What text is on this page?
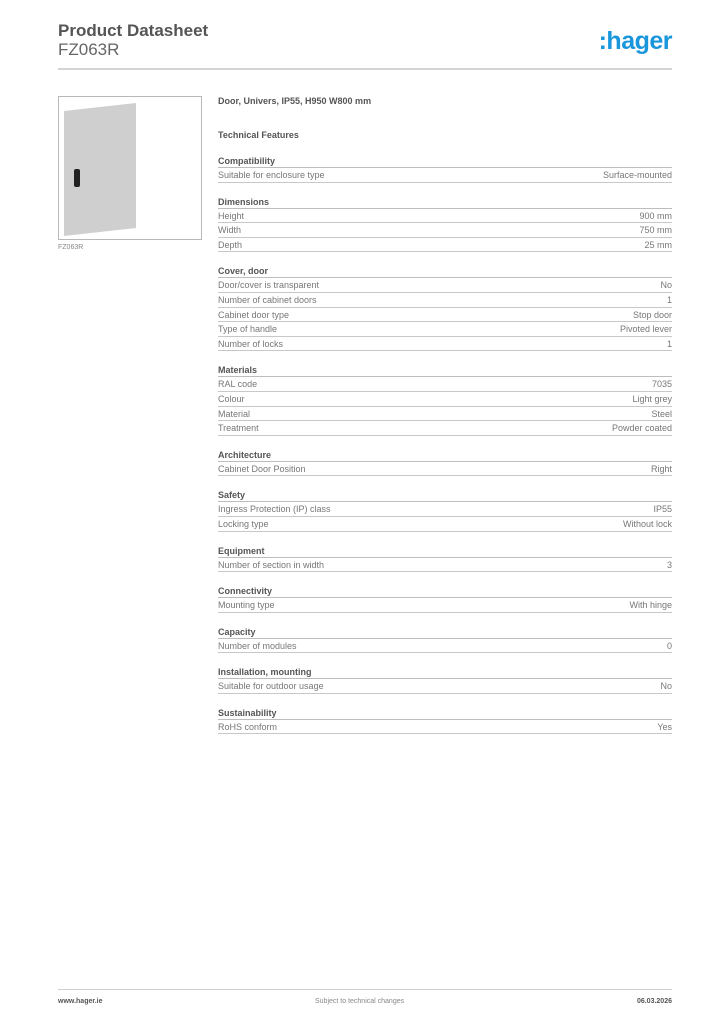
Product Datasheet
FZ063R	:hager
FZ063R
Door, Univers, IP55, H950 W800 mm
Technical Features
Compatibility
Suitable for enclosure type	Surface-mounted
Dimensions
Height	900 mm
Width	750 mm
Depth	25 mm
Cover, door
Door/cover is transparent	No
Number of cabinet doors	1
Cabinet door type	Stop door
Type of handle	Pivoted lever
Number of locks	1
Materials
RAL code	7035
Colour	Light grey
Material	Steel
Treatment	Powder coated
Architecture
Cabinet Door Position	Right
Safety
Ingress Protection (IP) class	IP55
Locking type	Without lock
Equipment
Number of section in width	3
Connectivity
Mounting type	With hinge
Capacity
Number of modules	0
Installation, mounting
Suitable for outdoor usage	No
Sustainability
RoHS conform	Yes
www.hager.ie	Subject to technical changes	06.03.2026
